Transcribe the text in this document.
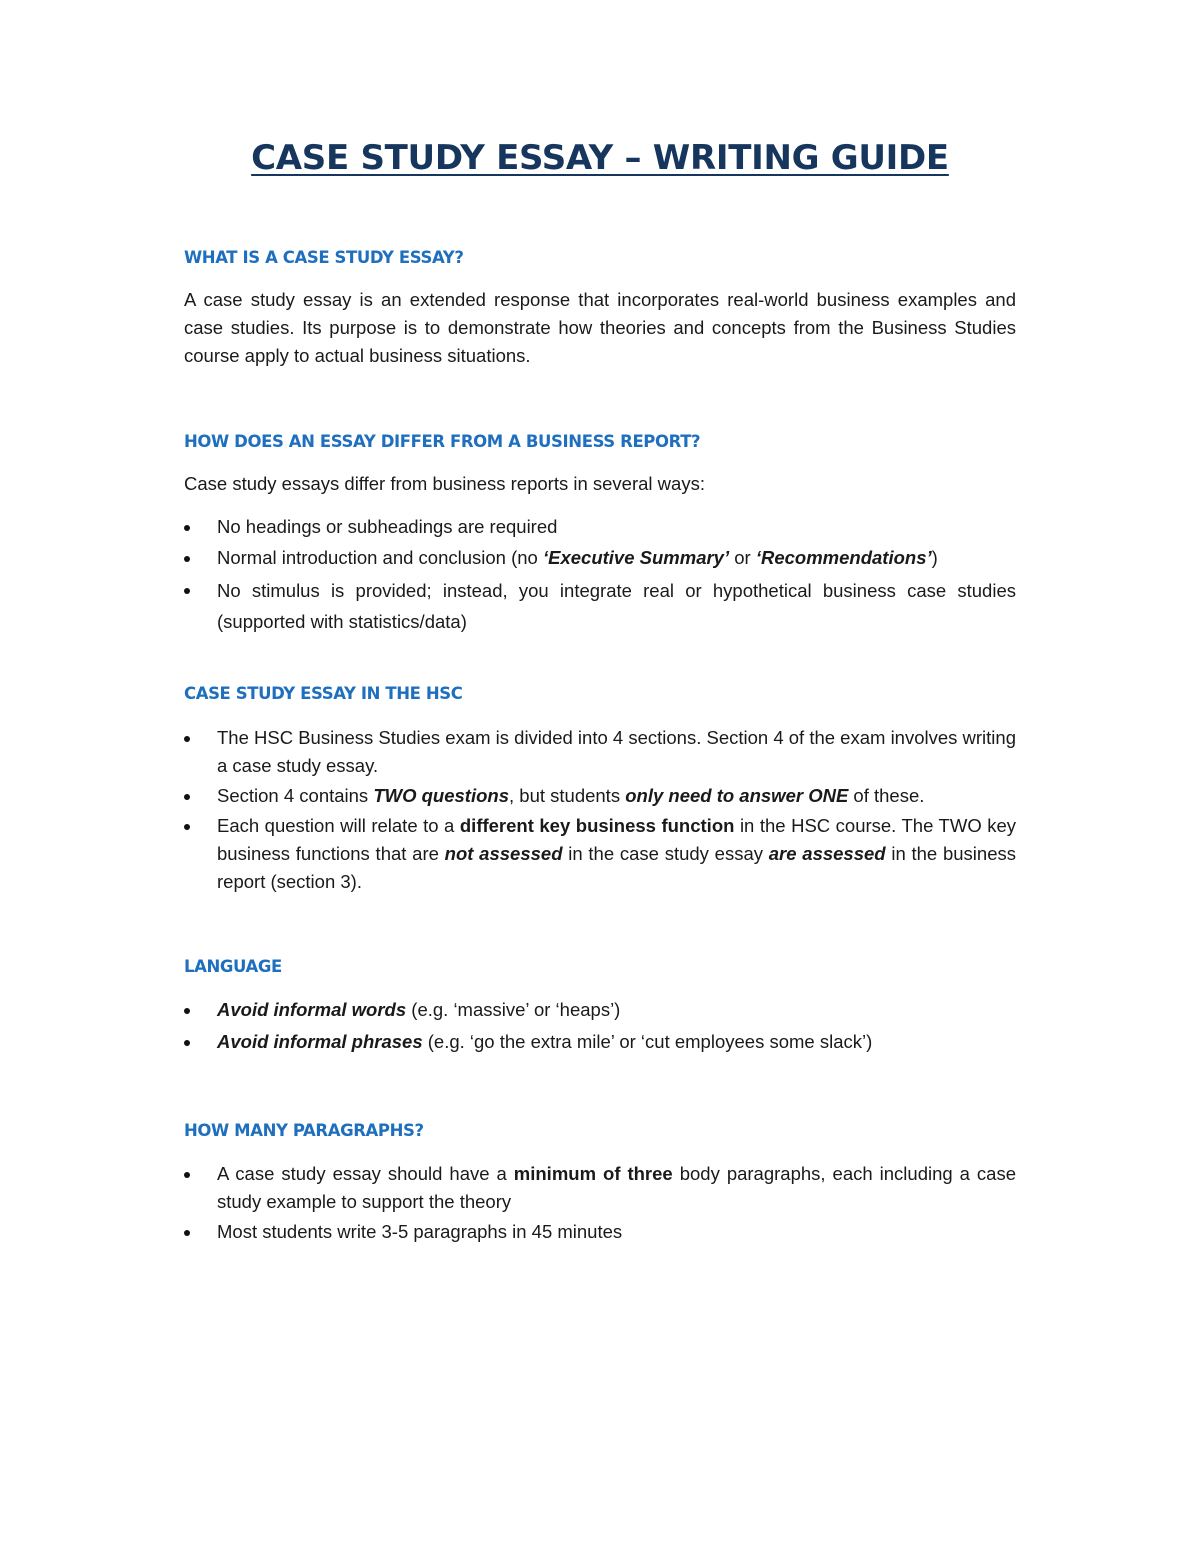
CASE STUDY ESSAY – WRITING GUIDE
WHAT IS A CASE STUDY ESSAY?

A case study essay is an extended response that incorporates real-world business examples and case studies. Its purpose is to demonstrate how theories and concepts from the Business Studies course apply to actual business situations.

HOW DOES AN ESSAY DIFFER FROM A BUSINESS REPORT?

Case study essays differ from business reports in several ways:

No headings or subheadings are required
Normal introduction and conclusion (no ‘Executive Summary’ or ‘Recommendations’)
No stimulus is provided; instead, you integrate real or hypothetical business case studies (supported with statistics/data)
CASE STUDY ESSAY IN THE HSC
The HSC Business Studies exam is divided into 4 sections. Section 4 of the exam involves writing a case study essay.
Section 4 contains TWO questions, but students only need to answer ONE of these.
Each question will relate to a different key business function in the HSC course. The TWO key business functions that are not assessed in the case study essay are assessed in the business report (section 3).
LANGUAGE
Avoid informal words (e.g. ‘massive’ or ‘heaps’)
Avoid informal phrases (e.g. ‘go the extra mile’ or ‘cut employees some slack’)
HOW MANY PARAGRAPHS?
A case study essay should have a minimum of three body paragraphs, each including a case study example to support the theory
Most students write 3-5 paragraphs in 45 minutes
